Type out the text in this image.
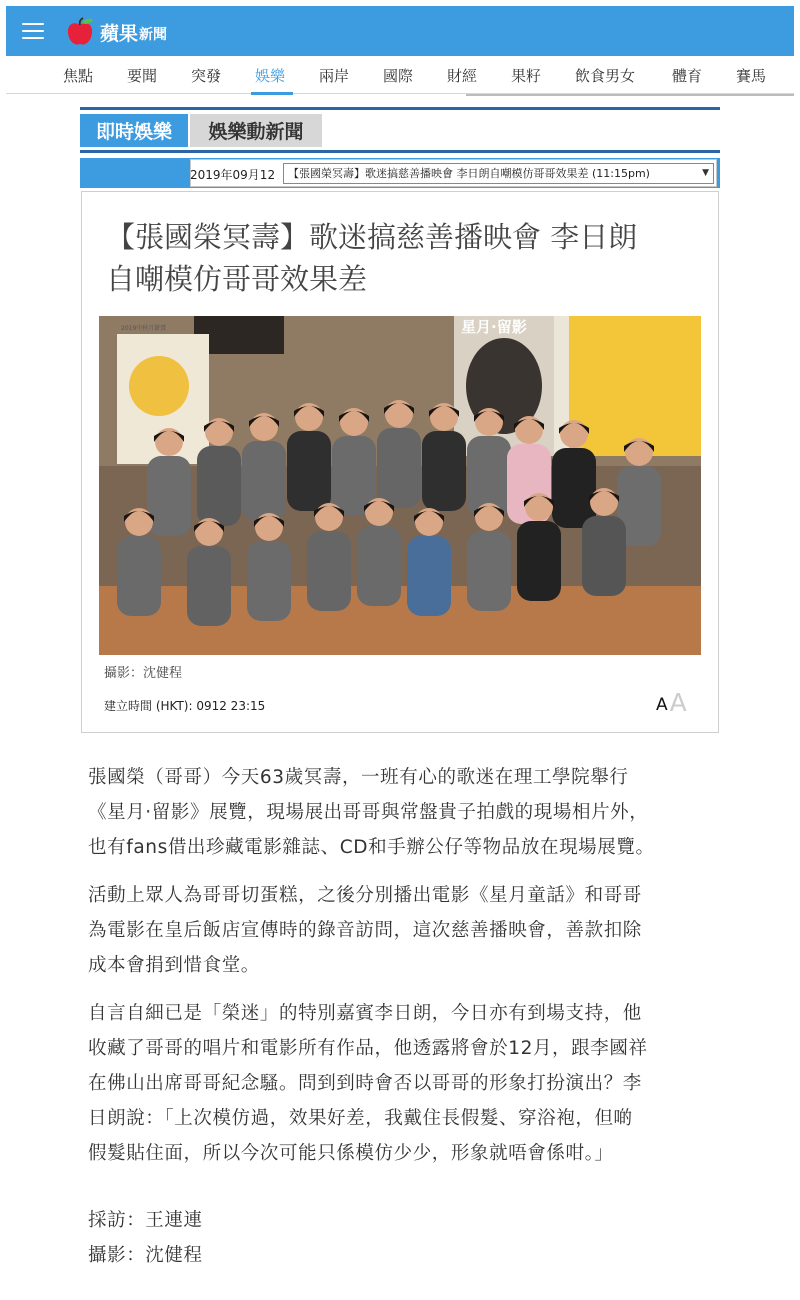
蘋果 新聞
焦點 要聞 突發 娛樂 兩岸 國際 財經 果籽 飲食男女 體育 賽馬
即時娛樂	娛樂動新聞
2019年09月12	【張國榮冥壽】歌迷搞慈善播映會 李日朗自嘲模仿哥哥效果差 (11:15pm)	▼
【張國榮冥壽】歌迷搞慈善播映會 李日朗
自嘲模仿哥哥效果差
2019中秋月餅賞	星月·留影
攝影：沈健程
建立時間 (HKT): 0912 23:15	A A
張國榮（哥哥）今天63歲冥壽，一班有心的歌迷在理工學院舉行
《星月·留影》展覽，現場展出哥哥與常盤貴子拍戲的現場相片外，
也有fans借出珍藏電影雜誌、CD和手辦公仔等物品放在現場展覽。
活動上眾人為哥哥切蛋糕，之後分別播出電影《星月童話》和哥哥
為電影在皇后飯店宣傳時的錄音訪問，這次慈善播映會，善款扣除
成本會捐到惜食堂。
自言自細已是「榮迷」的特別嘉賓李日朗，今日亦有到場支持，他
收藏了哥哥的唱片和電影所有作品，他透露將會於12月，跟李國祥
在佛山出席哥哥紀念騷。問到到時會否以哥哥的形象打扮演出？李
日朗說：「上次模仿過，效果好差，我戴住長假髮、穿浴袍，但啲
假髮貼住面，所以今次可能只係模仿少少，形象就唔會係咁。」
採訪：王連連
攝影：沈健程
